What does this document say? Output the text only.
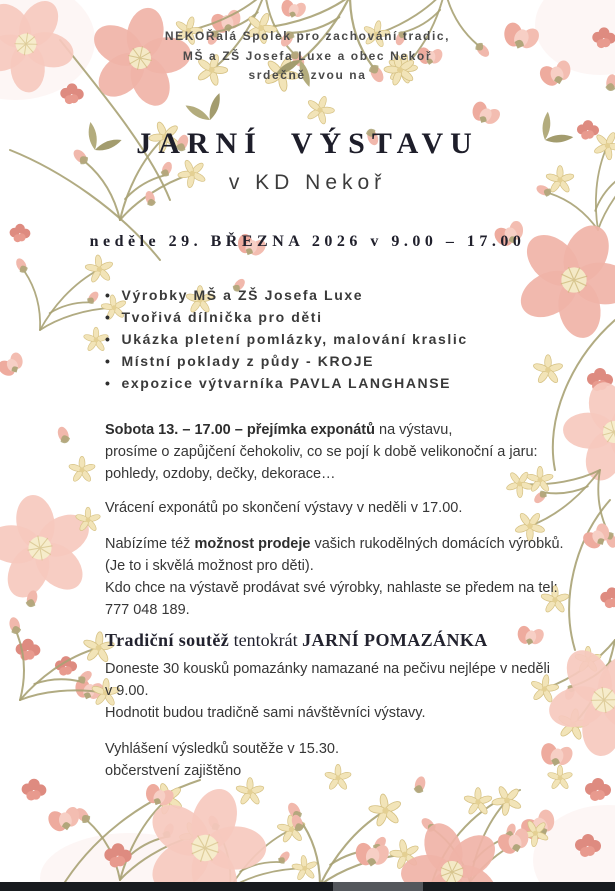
NEKOŘalá Spolek pro zachování tradic,
MŠ a ZŠ Josefa Luxe a obec Nekoř
srdečně zvou na
JARNÍ VÝSTAVU
v KD Nekoř
neděle 29. BŘEZNA 2026 v 9.00 – 17.00
• Výrobky MŠ a ZŠ Josefa Luxe
• Tvořivá dílnička pro děti
• Ukázka pletení pomlázky, malování kraslic
• Místní poklady z půdy - KROJE
• expozice výtvarníka PAVLA LANGHANSE
Sobota 13. – 17.00 – přejímka exponátů na výstavu,
prosíme o zapůjčení čehokoliv, co se pojí k době velikonoční a jaru:
pohledy, ozdoby, dečky, dekorace…
Vrácení exponátů po skončení výstavy v neděli v 17.00.
Nabízíme též možnost prodeje vašich rukodělných domácích výrobků.
(Je to i skvělá možnost pro děti).
Kdo chce na výstavě prodávat své výrobky, nahlaste se předem na tel:
777 048 189.
Tradiční soutěž tentokrát JARNÍ POMAZÁNKA
Doneste 30 kousků pomazánky namazané na pečivu nejlépe v neděli
v 9.00.
Hodnotit budou tradičně sami návštěvníci výstavy.
Vyhlášení výsledků soutěže v 15.30.
občerstvení zajištěno
